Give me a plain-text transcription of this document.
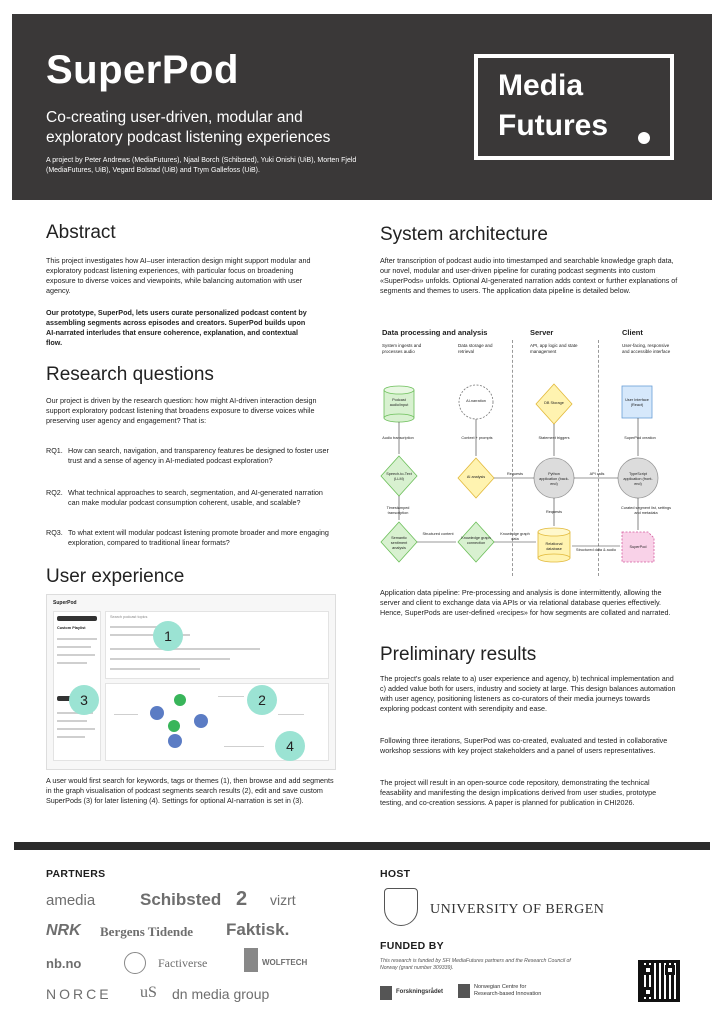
SuperPod
Co-creating user-driven, modular and exploratory podcast listening experiences
A project by Peter Andrews (MediaFutures), Njaal Borch (Schibsted), Yuki Onishi (UiB), Morten Fjeld (MediaFutures, UiB), Vegard Bolstad (UiB) and Trym Gallefoss (UiB).
Media
Futures
Abstract
This project investigates how AI–user interaction design might support modular and exploratory podcast listening experiences, with particular focus on broadening exposure to diverse voices and viewpoints, while balancing automation with user agency.
Our prototype, SuperPod, lets users curate personalized podcast content by assembling segments across episodes and creators. SuperPod builds upon AI-narrated interludes that ensure coherence, explanation, and contextual flow.
Research questions
Our project is driven by the research question: how might AI-driven interaction design support exploratory podcast listening that broadens exposure to diverse voices while preserving user agency and engagement? That is:
RQ1. How can search, navigation, and transparency features be designed to foster user trust and a sense of agency in AI-mediated podcast exploration?
RQ2. What technical approaches to search, segmentation, and AI-generated narration can make modular podcast consumption coherent, usable, and scalable?
RQ3. To what extent will modular podcast listening promote broader and more engaging exploration, compared to traditional linear formats?
User experience
SuperPod
Custom Playlist
Search podcast topics
1
2
3
4
A user would first search for keywords, tags or themes (1), then browse and add segments in the graph visualisation of podcast segments search results (2), edit and save custom SuperPods (3) for later listening (4). Settings for optional AI-narration is set in (3).
System architecture
After transcription of podcast audio into timestamped and searchable knowledge graph data, our novel, modular and user-driven pipeline for curating podcast segments into custom «SuperPods» unfolds. Optional AI-generated narration adds context or further explanations of segments and themes to users. The application data pipeline is detailed below.
Data processing and analysis	Server	Client
System ingests and processes audio
Data storage and retrieval
API, app logic and state management
User-facing, responsive and accessible interface
Podcast audio/input
Speech-to-Text (LLM)
Semantic sentiment analysis
AI-narration
AI analysis
Knowledge graph connection
DB Storage
Python application (back-end)
Relational database
User Interface (React)
TypeScript application (front-end)
SuperPod
Audio transcription
Timestamped transcription
Structured content	Knowledge graph data
Context + prompts
Requests
Statement triggers
Requests
API calls
SuperPod creation
Curated segment list, settings and metadata
Structured data & audio
Application data pipeline: Pre-processing and analysis is done intermittently, allowing the server and client to exchange data via APIs or via relational database queries effectively. Hence, SuperPods are user-defined «recipes» for how segments are collated and narrated.
Preliminary results
The project's goals relate to a) user experience and agency, b) technical implementation and c) added value both for users, industry and society at large. This design balances automation with user agency, positioning listeners as co-curators of their media journeys towards exploring podcast content with serendipity and ease.
Following three iterations, SuperPod was co-created, evaluated and tested in collaborative workshop sessions with key project stakeholders and a panel of users representatives.
The project will result in an open-source code repository, demonstrating the technical feasability and manifesting the design implications derived from user studies, prototype testing, and co-creation sessions. A paper is planned for publication in CHI2026.
PARTNERS
amedia	Schibsted 2 vizrt
NRK Bergens Tidende Faktisk.
nb.no	Factiverse	WOLFTECH
NORCE uS dn media group
HOST
UNIVERSITY OF BERGEN
FUNDED BY
This research is funded by SFI MediaFutures partners and the Research Council of Norway (grant number 309339).
Forskningsrådet
Norwegian Centre for Research-based Innovation
